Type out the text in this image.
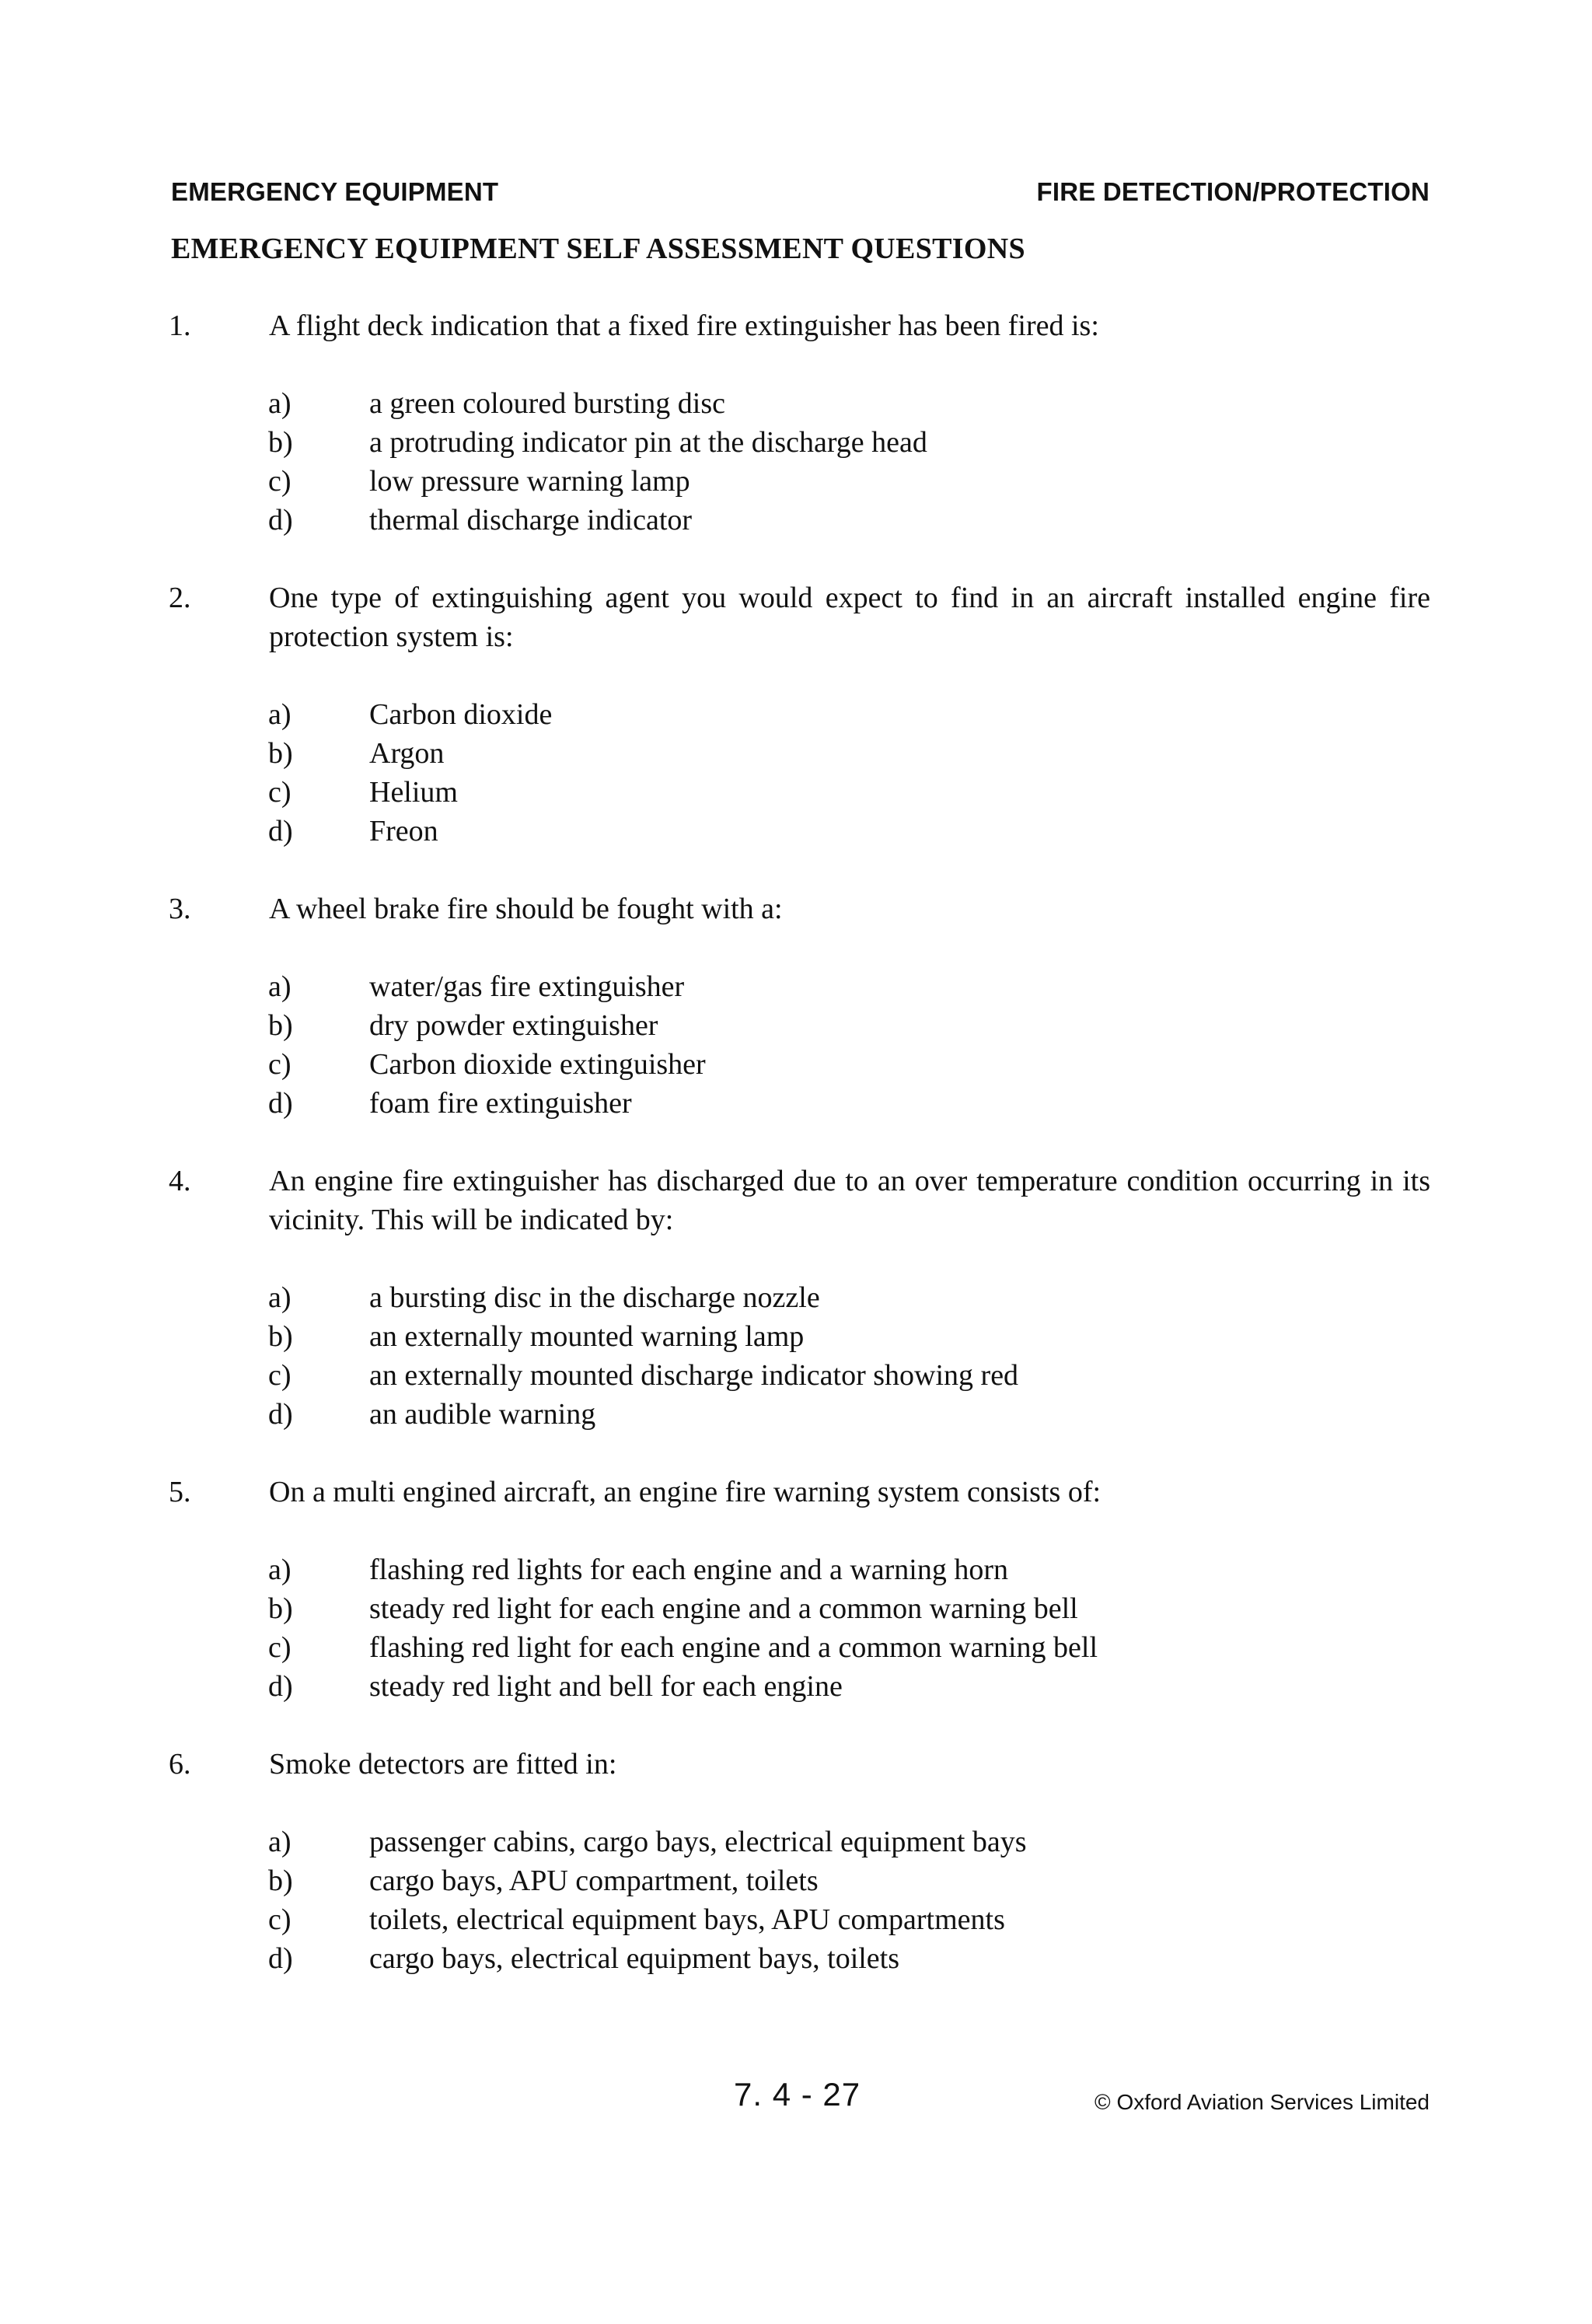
EMERGENCY EQUIPMENT	FIRE DETECTION/PROTECTION
EMERGENCY EQUIPMENT SELF ASSESSMENT QUESTIONS
1.	A flight deck indication that a fixed fire extinguisher has been fired is:
a)	a green coloured bursting disc
b)	a protruding indicator pin at the discharge head
c)	low pressure warning lamp
d)	thermal discharge indicator
2.	One type of extinguishing agent you would expect to find in an aircraft installed engine fire protection system is:
a)	Carbon dioxide
b)	Argon
c)	Helium
d)	Freon
3.	A wheel brake fire should be fought with a:
a)	water/gas fire extinguisher
b)	dry powder extinguisher
c)	Carbon dioxide extinguisher
d)	foam fire extinguisher
4.	An engine fire extinguisher has discharged due to an over temperature condition occurring in its vicinity. This will be indicated by:
a)	a bursting disc in the discharge nozzle
b)	an externally mounted warning lamp
c)	an externally mounted discharge indicator showing red
d)	an audible warning
5.	On a multi engined aircraft, an engine fire warning system consists of:
a)	flashing red lights for each engine and a warning horn
b)	steady red light for each engine and a common warning bell
c)	flashing red light for each engine and a common warning bell
d)	steady red light and bell for each engine
6.	Smoke detectors are fitted in:
a)	passenger cabins, cargo bays, electrical equipment bays
b)	cargo bays, APU compartment, toilets
c)	toilets, electrical equipment bays, APU compartments
d)	cargo bays, electrical equipment bays, toilets
7. 4 - 27	© Oxford Aviation Services Limited
